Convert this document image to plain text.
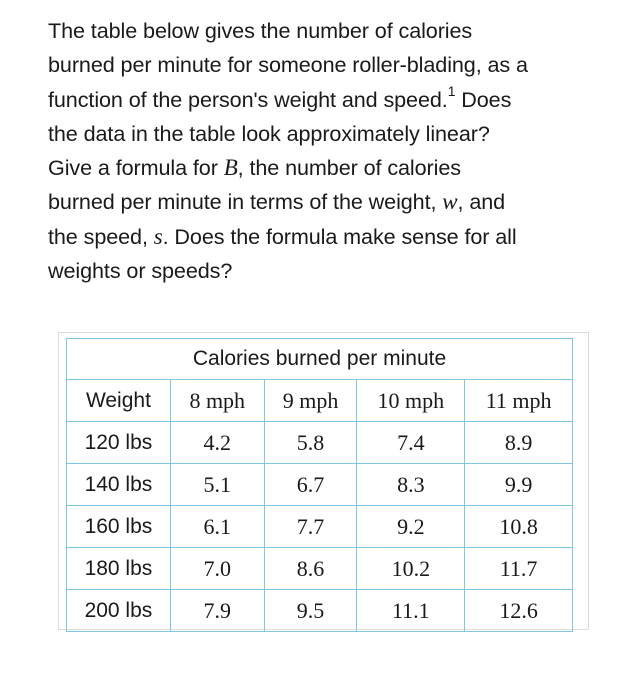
The table below gives the number of calories
burned per minute for someone roller-blading, as a
function of the person's weight and speed.$^1$ Does
the data in the table look approximately linear?
Give a formula for B, the number of calories
burned per minute in terms of the weight, w, and
the speed, s. Does the formula make sense for all
weights or speeds?
Calories burned per minute				
Weight	8 mph	9 mph	10 mph	11 mph
120 lbs	4.2	5.8	7.4	8.9
140 lbs	5.1	6.7	8.3	9.9
160 lbs	6.1	7.7	9.2	10.8
180 lbs	7.0	8.6	10.2	11.7
200 lbs	7.9	9.5	11.1	12.6
